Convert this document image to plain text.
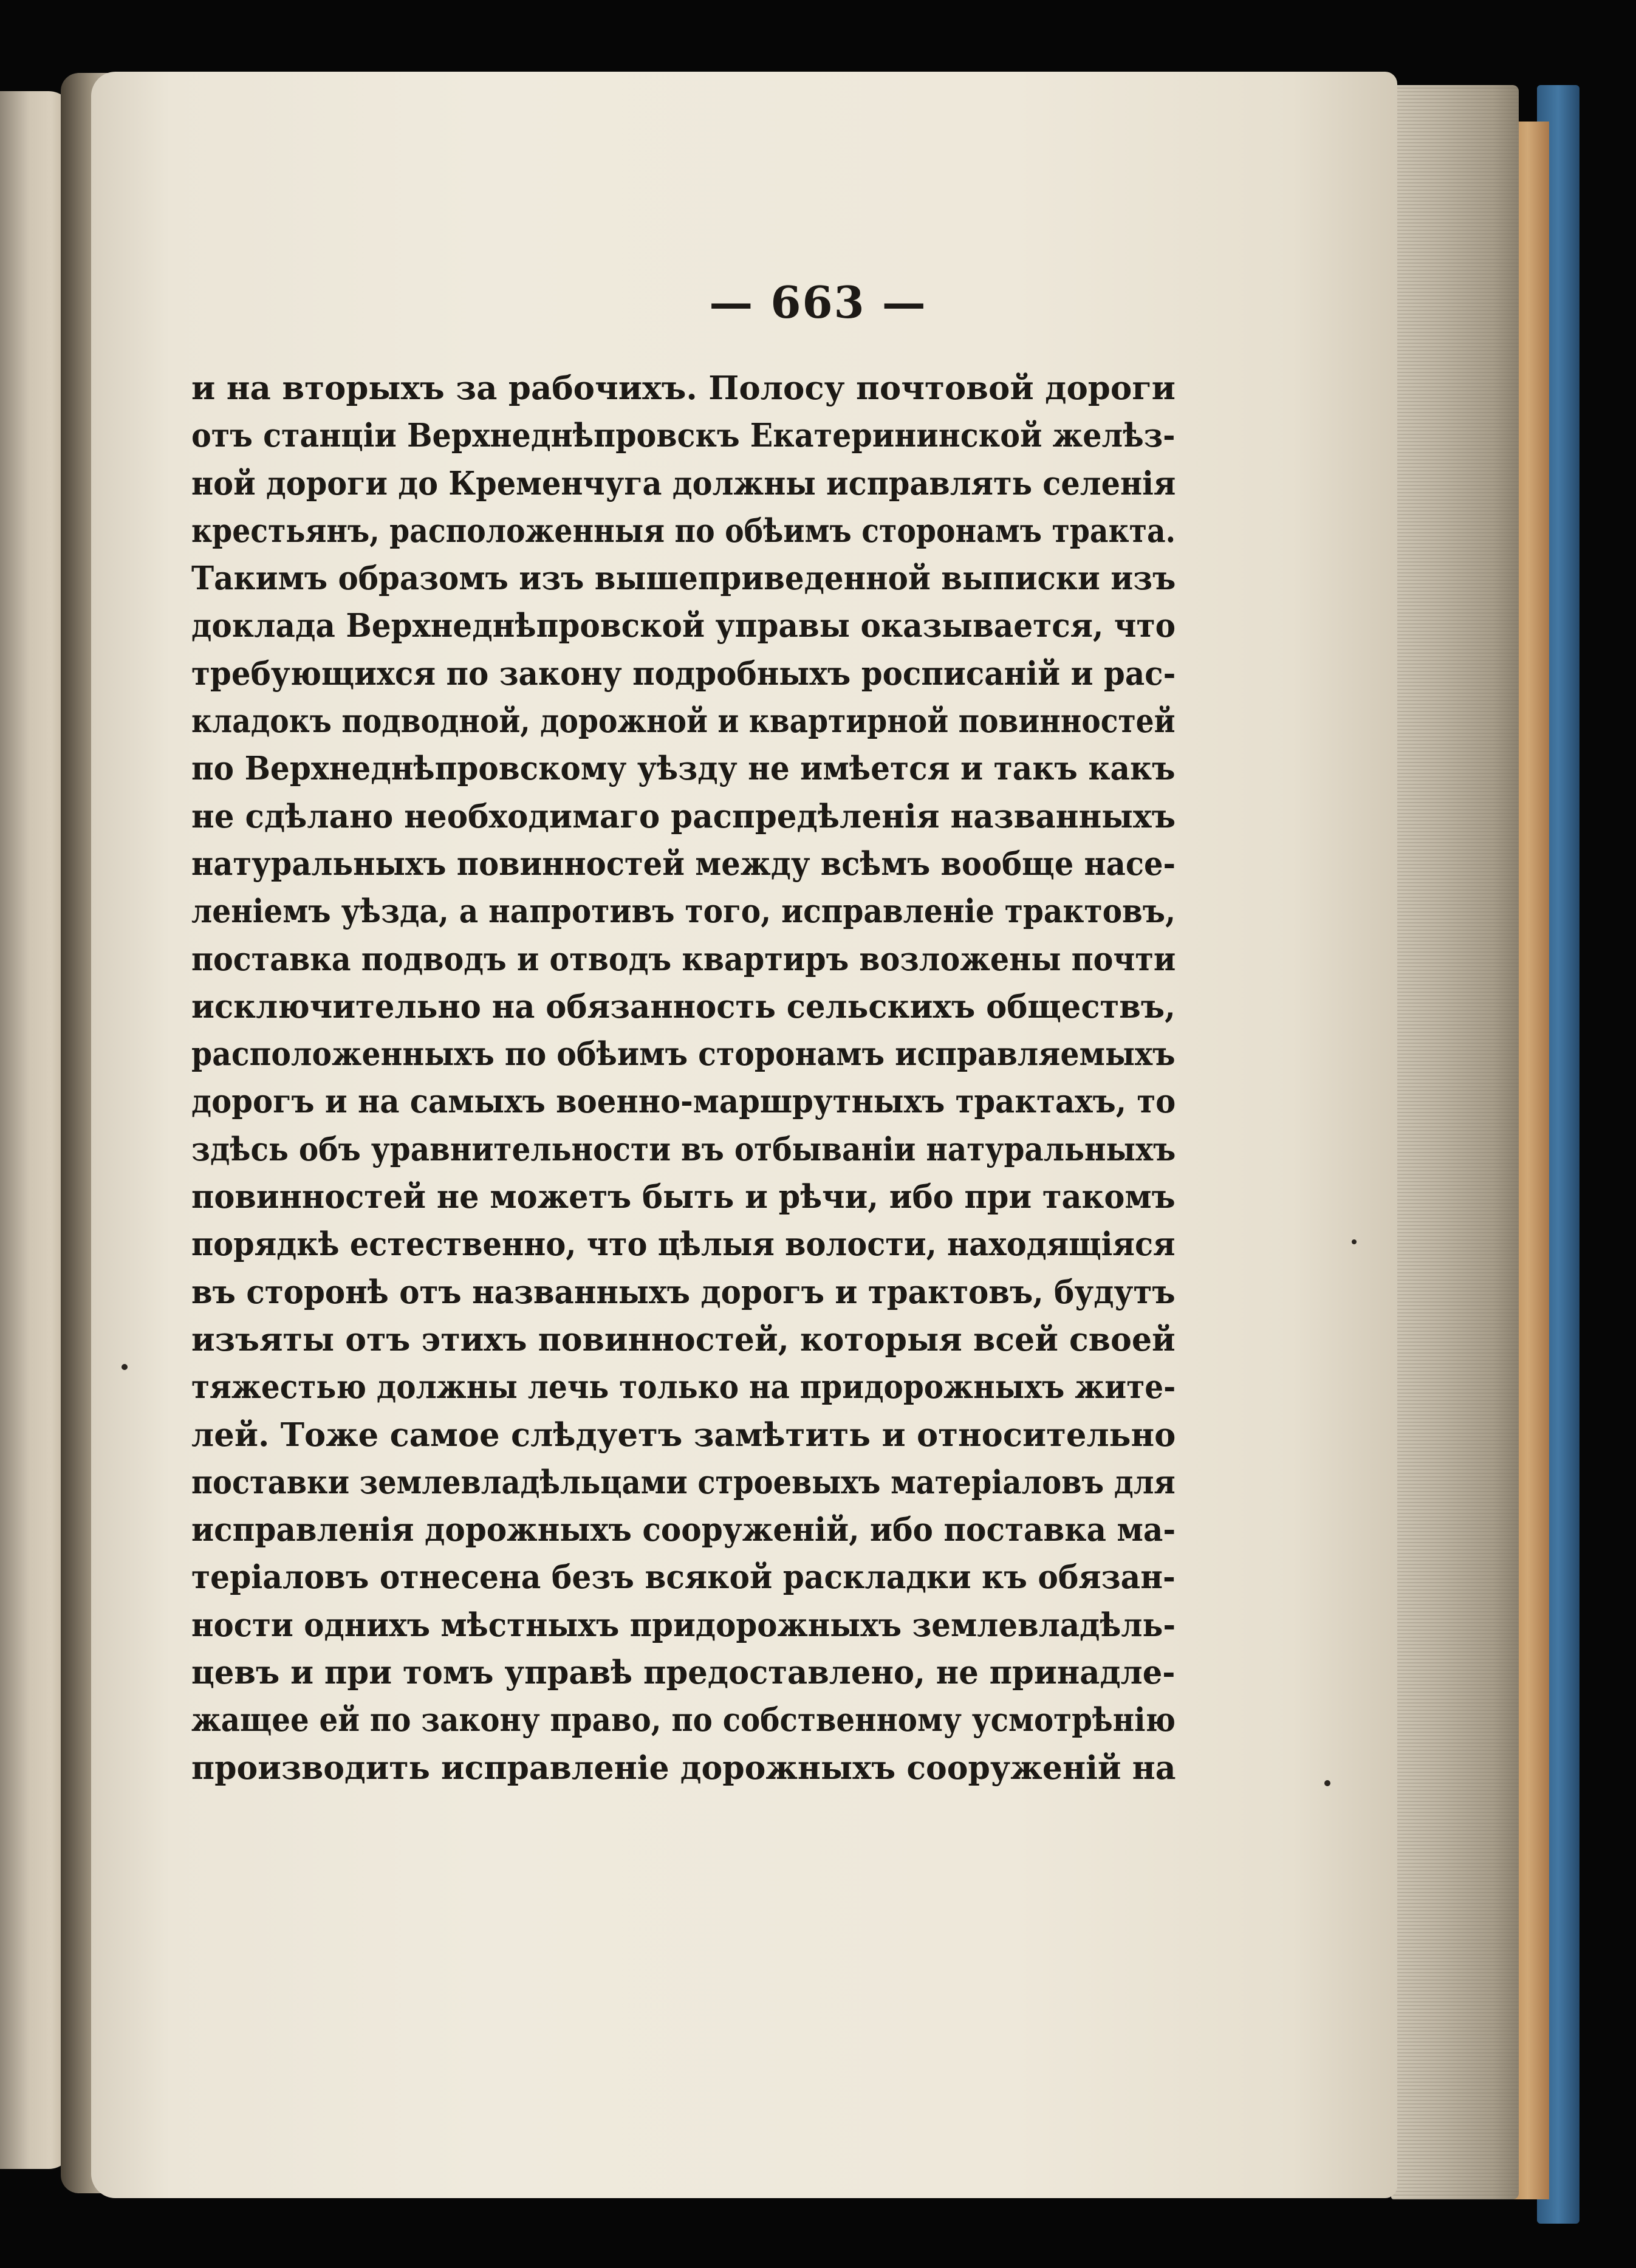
— 663 —
и на вторыхъ за рабочихъ. Полосу почтовой дороги
отъ станціи Верхнеднѣпровскъ Екатерининской желѣз-
ной дороги до Кременчуга должны исправлять селенія
крестьянъ, расположенныя по обѣимъ сторонамъ тракта.
Такимъ образомъ изъ вышеприведенной выписки изъ
доклада Верхнеднѣпровской управы оказывается, что
требующихся по закону подробныхъ росписаній и рас-
кладокъ подводной, дорожной и квартирной повинностей
по Верхнеднѣпровскому уѣзду не имѣется и такъ какъ
не сдѣлано необходимаго распредѣленія названныхъ
натуральныхъ повинностей между всѣмъ вообще насе-
леніемъ уѣзда, а напротивъ того, исправленіе трактовъ,
поставка подводъ и отводъ квартиръ возложены почти
исключительно на обязанность сельскихъ обществъ,
расположенныхъ по обѣимъ сторонамъ исправляемыхъ
дорогъ и на самыхъ военно-маршрутныхъ трактахъ, то
здѣсь объ уравнительности въ отбываніи натуральныхъ
повинностей не можетъ быть и рѣчи, ибо при такомъ
порядкѣ естественно, что цѣлыя волости, находящіяся
въ сторонѣ отъ названныхъ дорогъ и трактовъ, будутъ
изъяты отъ этихъ повинностей, которыя всей своей
тяжестью должны лечь только на придорожныхъ жите-
лей. Тоже самое слѣдуетъ замѣтить и относительно
поставки землевладѣльцами строевыхъ матеріаловъ для
исправленія дорожныхъ сооруженій, ибо поставка ма-
теріаловъ отнесена безъ всякой раскладки къ обязан-
ности однихъ мѣстныхъ придорожныхъ землевладѣль-
цевъ и при томъ управѣ предоставлено, не принадле-
жащее ей по закону право, по собственному усмотрѣнію
производить исправленіе дорожныхъ сооруженій на
